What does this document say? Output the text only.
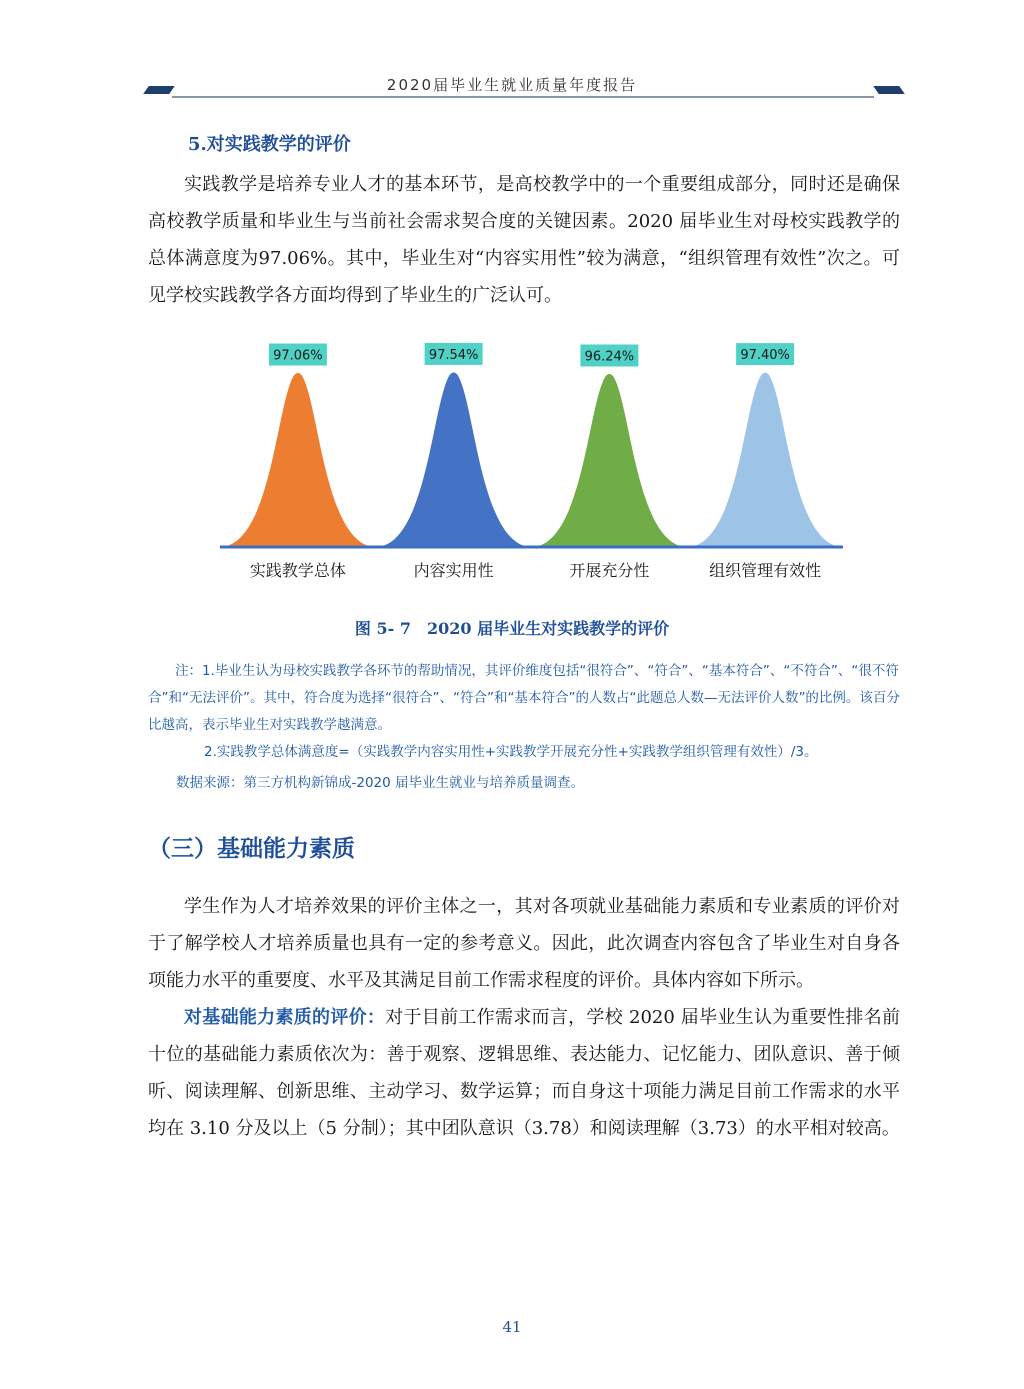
2020届毕业生就业质量年度报告
5.对实践教学的评价

实践教学是培养专业人才的基本环节，是高校教学中的一个重要组成部分，同时还是确保高校教学质量和毕业生与当前社会需求契合度的关键因素。2020 届毕业生对母校实践教学的总体满意度为97.06%。其中，毕业生对“内容实用性”较为满意，“组织管理有效性”次之。可见学校实践教学各方面均得到了毕业生的广泛认可。

97.06%	97.54%	96.24%	97.40%
实践教学总体	内容实用性	开展充分性	组织管理有效性
图 5- 7　2020 届毕业生对实践教学的评价

注：1.毕业生认为母校实践教学各环节的帮助情况，其评价维度包括“很符合”、“符合”、“基本符合”、“不符合”、“很不符合”和“无法评价”。其中，符合度为选择“很符合”、“符合”和“基本符合”的人数占“此题总人数—无法评价人数”的比例。该百分比越高，表示毕业生对实践教学越满意。

2.实践教学总体满意度=（实践教学内容实用性+实践教学开展充分性+实践教学组织管理有效性）/3。

数据来源：第三方机构新锦成-2020 届毕业生就业与培养质量调查。

（三）基础能力素质

学生作为人才培养效果的评价主体之一，其对各项就业基础能力素质和专业素质的评价对于了解学校人才培养质量也具有一定的参考意义。因此，此次调查内容包含了毕业生对自身各项能力水平的重要度、水平及其满足目前工作需求程度的评价。具体内容如下所示。

对基础能力素质的评价：对于目前工作需求而言，学校 2020 届毕业生认为重要性排名前十位的基础能力素质依次为：善于观察、逻辑思维、表达能力、记忆能力、团队意识、善于倾听、阅读理解、创新思维、主动学习、数学运算；而自身这十项能力满足目前工作需求的水平均在 3.10 分及以上（5 分制）；其中团队意识（3.78）和阅读理解（3.73）的水平相对较高。

41
